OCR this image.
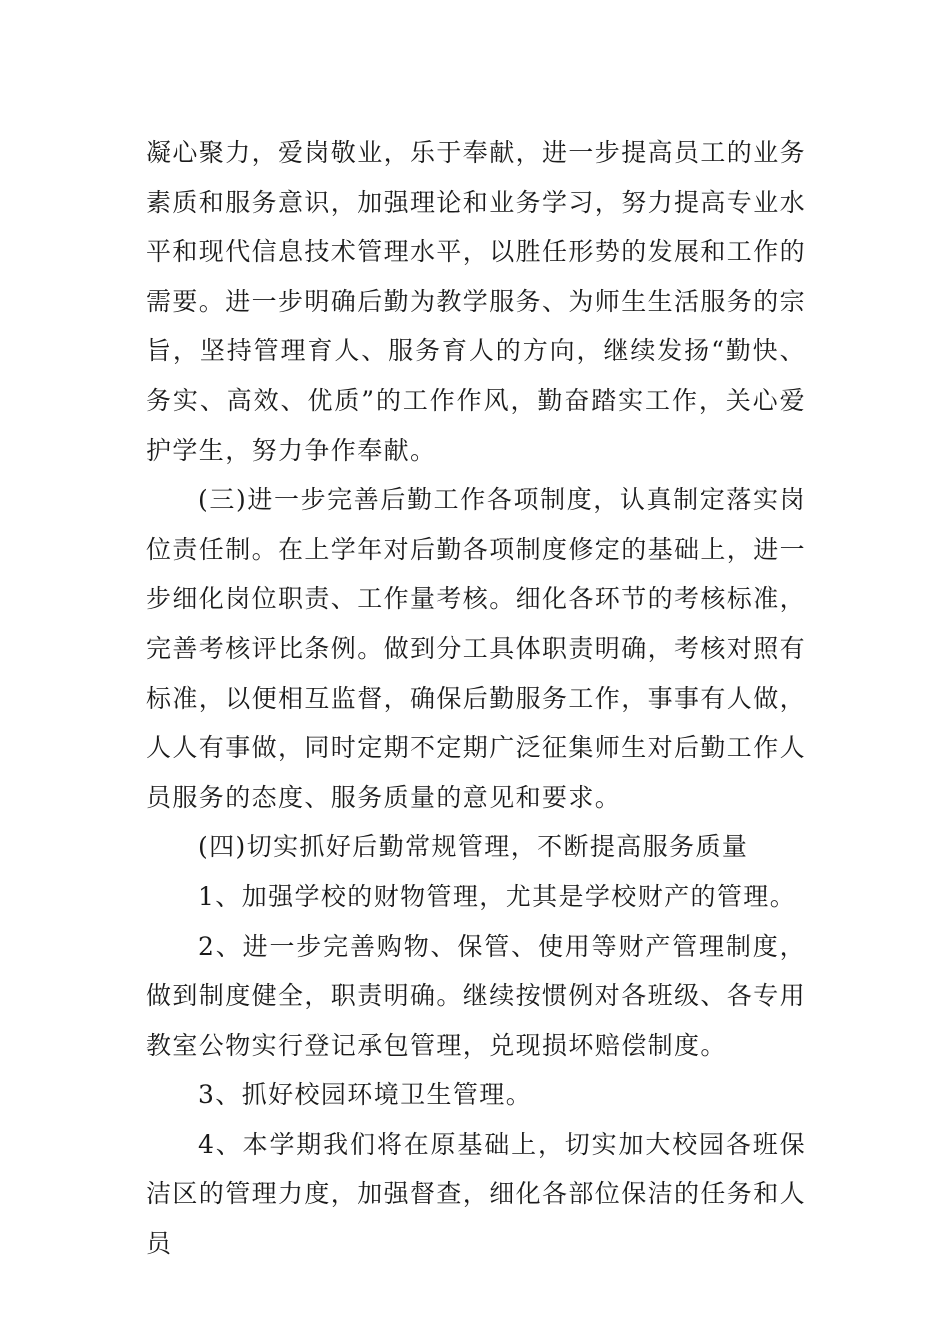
凝心聚力，爱岗敬业，乐于奉献，进一步提高员工的业务素质和服务意识，加强理论和业务学习，努力提高专业水平和现代信息技术管理水平，以胜任形势的发展和工作的需要。进一步明确后勤为教学服务、为师生生活服务的宗旨，坚持管理育人、服务育人的方向，继续发扬“勤快、务实、高效、优质”的工作作风，勤奋踏实工作，关心爱护学生，努力争作奉献。

(三)进一步完善后勤工作各项制度，认真制定落实岗位责任制。在上学年对后勤各项制度修定的基础上，进一步细化岗位职责、工作量考核。细化各环节的考核标准，完善考核评比条例。做到分工具体职责明确，考核对照有标准，以便相互监督，确保后勤服务工作，事事有人做，人人有事做，同时定期不定期广泛征集师生对后勤工作人员服务的态度、服务质量的意见和要求。

(四)切实抓好后勤常规管理，不断提高服务质量

1、加强学校的财物管理，尤其是学校财产的管理。

2、进一步完善购物、保管、使用等财产管理制度，做到制度健全，职责明确。继续按惯例对各班级、各专用教室公物实行登记承包管理，兑现损坏赔偿制度。

3、抓好校园环境卫生管理。

4、本学期我们将在原基础上，切实加大校园各班保洁区的管理力度，加强督查，细化各部位保洁的任务和人员
